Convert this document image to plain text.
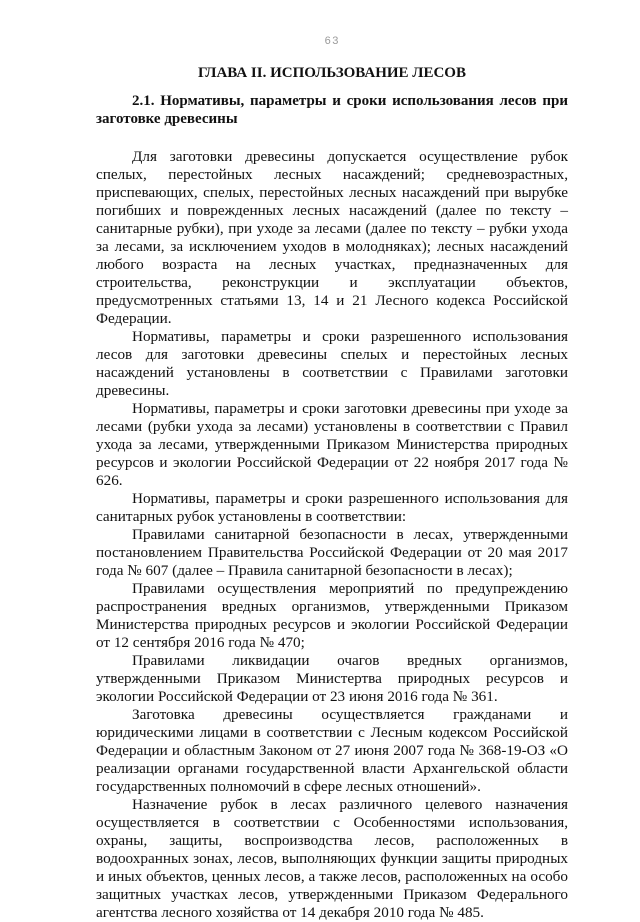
63
ГЛАВА II. ИСПОЛЬЗОВАНИЕ ЛЕСОВ
2.1. Нормативы, параметры и сроки использования лесов при заготовке древесины

Для заготовки древесины допускается осуществление рубок спелых, перестойных лесных насаждений; средневозрастных, приспевающих, спелых, перестойных лесных насаждений при вырубке погибших и поврежденных лесных насаждений (далее по тексту – санитарные рубки), при уходе за лесами (далее по тексту – рубки ухода за лесами, за исключением уходов в молодняках); лесных насаждений любого возраста на лесных участках, предназначенных для строительства, реконструкции и эксплуатации объектов, предусмотренных статьями 13, 14 и 21 Лесного кодекса Российской Федерации.

Нормативы, параметры и сроки разрешенного использования лесов для заготовки древесины спелых и перестойных лесных насаждений установлены в соответствии с Правилами заготовки древесины.

Нормативы, параметры и сроки заготовки древесины при уходе за лесами (рубки ухода за лесами) установлены в соответствии с Правил ухода за лесами, утвержденными Приказом Министерства природных ресурсов и экологии Российской Федерации от 22 ноября 2017 года № 626.

Нормативы, параметры и сроки разрешенного использования для санитарных рубок установлены в соответствии:

Правилами санитарной безопасности в лесах, утвержденными постановлением Правительства Российской Федерации от 20 мая 2017 года № 607 (далее – Правила санитарной безопасности в лесах);

Правилами осуществления мероприятий по предупреждению распространения вредных организмов, утвержденными Приказом Министерства природных ресурсов и экологии Российской Федерации от 12 сентября 2016 года № 470;

Правилами ликвидации очагов вредных организмов, утвержденными Приказом Министертва природных ресурсов и экологии Российской Федерации от 23 июня 2016 года № 361.

Заготовка древесины осуществляется гражданами и юридическими лицами в соответствии с Лесным кодексом Российской Федерации и областным Законом от 27 июня 2007 года № 368-19-ОЗ «О реализации органами государственной власти Архангельской области государственных полномочий в сфере лесных отношений».

Назначение рубок в лесах различного целевого назначения осуществляется в соответствии с Особенностями использования, охраны, защиты, воспроизводства лесов, расположенных в водоохранных зонах, лесов, выполняющих функции защиты природных и иных объектов, ценных лесов, а также лесов, расположенных на особо защитных участках лесов, утвержденными Приказом Федерального агентства лесного хозяйства от 14 декабря 2010 года № 485.
